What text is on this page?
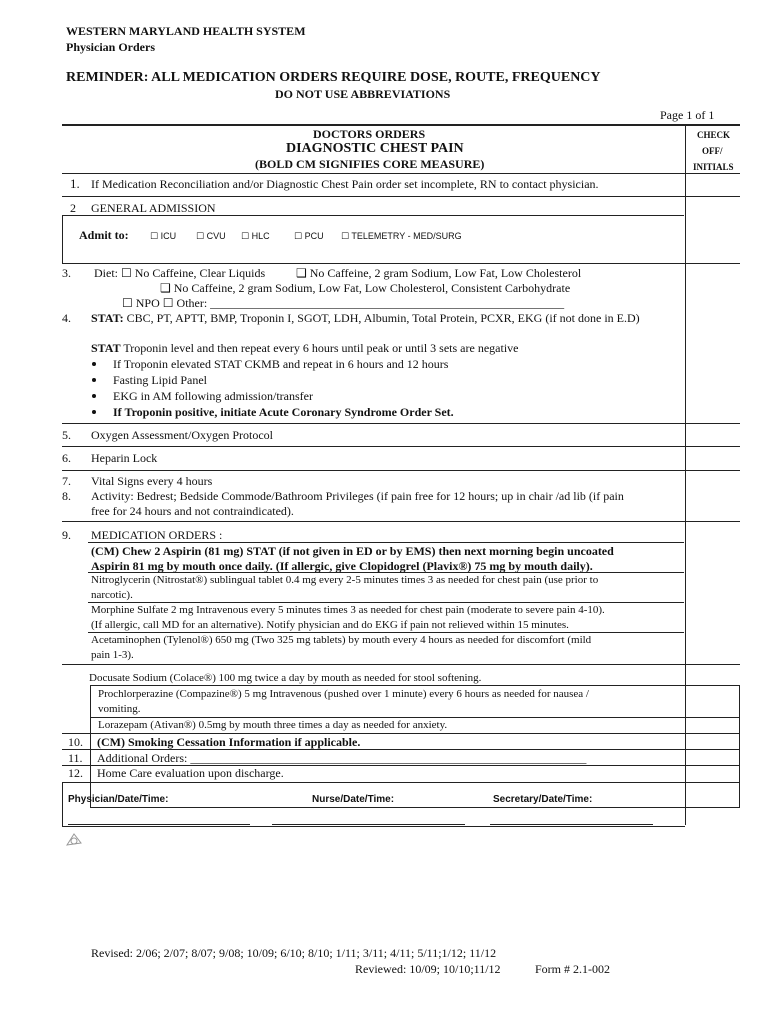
WESTERN MARYLAND HEALTH SYSTEM
Physician Orders
REMINDER: ALL MEDICATION ORDERS REQUIRE DOSE, ROUTE, FREQUENCY
DO NOT USE ABBREVIATIONS
Page 1 of 1
DOCTORS ORDERS
DIAGNOSTIC CHEST PAIN
(BOLD CM SIGNIFIES CORE MEASURE)
CHECK
OFF/
INITIALS
1. If Medication Reconciliation and/or Diagnostic Chest Pain order set incomplete, RN to contact physician.
2 GENERAL ADMISSION
Admit to: ☐ ICU ☐ CVU ☐ HLC	☐ PCU ☐ TELEMETRY - MED/SURG
3. Diet: ☐ No Caffeine, Clear Liquids	❑ No Caffeine, 2 gram Sodium, Low Fat, Low Cholesterol
❑ No Caffeine, 2 gram Sodium, Low Fat, Low Cholesterol, Consistent Carbohydrate
☐ NPO ☐ Other: ___________________________________________________________
4. STAT: CBC, PT, APTT, BMP, Troponin I, SGOT, LDH, Albumin, Total Protein, PCXR, EKG (if not done in E.D)
STAT Troponin level and then repeat every 6 hours until peak or until 3 sets are negative
If Troponin elevated STAT CKMB and repeat in 6 hours and 12 hours
Fasting Lipid Panel
EKG in AM following admission/transfer
If Troponin positive, initiate Acute Coronary Syndrome Order Set.
5. Oxygen Assessment/Oxygen Protocol
6. Heparin Lock
7. Vital Signs every 4 hours
8. Activity: Bedrest; Bedside Commode/Bathroom Privileges (if pain free for 12 hours; up in chair /ad lib (if pain
free for 24 hours and not contraindicated).
9. MEDICATION ORDERS :
(CM) Chew 2 Aspirin (81 mg) STAT (if not given in ED or by EMS) then next morning begin uncoated
Aspirin 81 mg by mouth once daily. (If allergic, give Clopidogrel (Plavix®) 75 mg by mouth daily).
Nitroglycerin (Nitrostat®) sublingual tablet 0.4 mg every 2-5 minutes times 3 as needed for chest pain (use prior to
narcotic).
Morphine Sulfate 2 mg Intravenous every 5 minutes times 3 as needed for chest pain (moderate to severe pain 4-10).
(If allergic, call MD for an alternative). Notify physician and do EKG if pain not relieved within 15 minutes.
Acetaminophen (Tylenol®) 650 mg (Two 325 mg tablets) by mouth every 4 hours as needed for discomfort (mild
pain 1-3).
Docusate Sodium (Colace®) 100 mg twice a day by mouth as needed for stool softening.
Prochlorperazine (Compazine®) 5 mg Intravenous (pushed over 1 minute) every 6 hours as needed for nausea /
vomiting.
Lorazepam (Ativan®) 0.5mg by mouth three times a day as needed for anxiety.
10. (CM) Smoking Cessation Information if applicable.
11. Additional Orders: __________________________________________________________________
12. Home Care evaluation upon discharge.
Physician/Date/Time:	Nurse/Date/Time:	Secretary/Date/Time:
Revised: 2/06; 2/07; 8/07; 9/08; 10/09; 6/10; 8/10; 1/11; 3/11; 4/11; 5/11;1/12; 11/12
Reviewed: 10/09; 10/10;11/12	Form # 2.1-002
